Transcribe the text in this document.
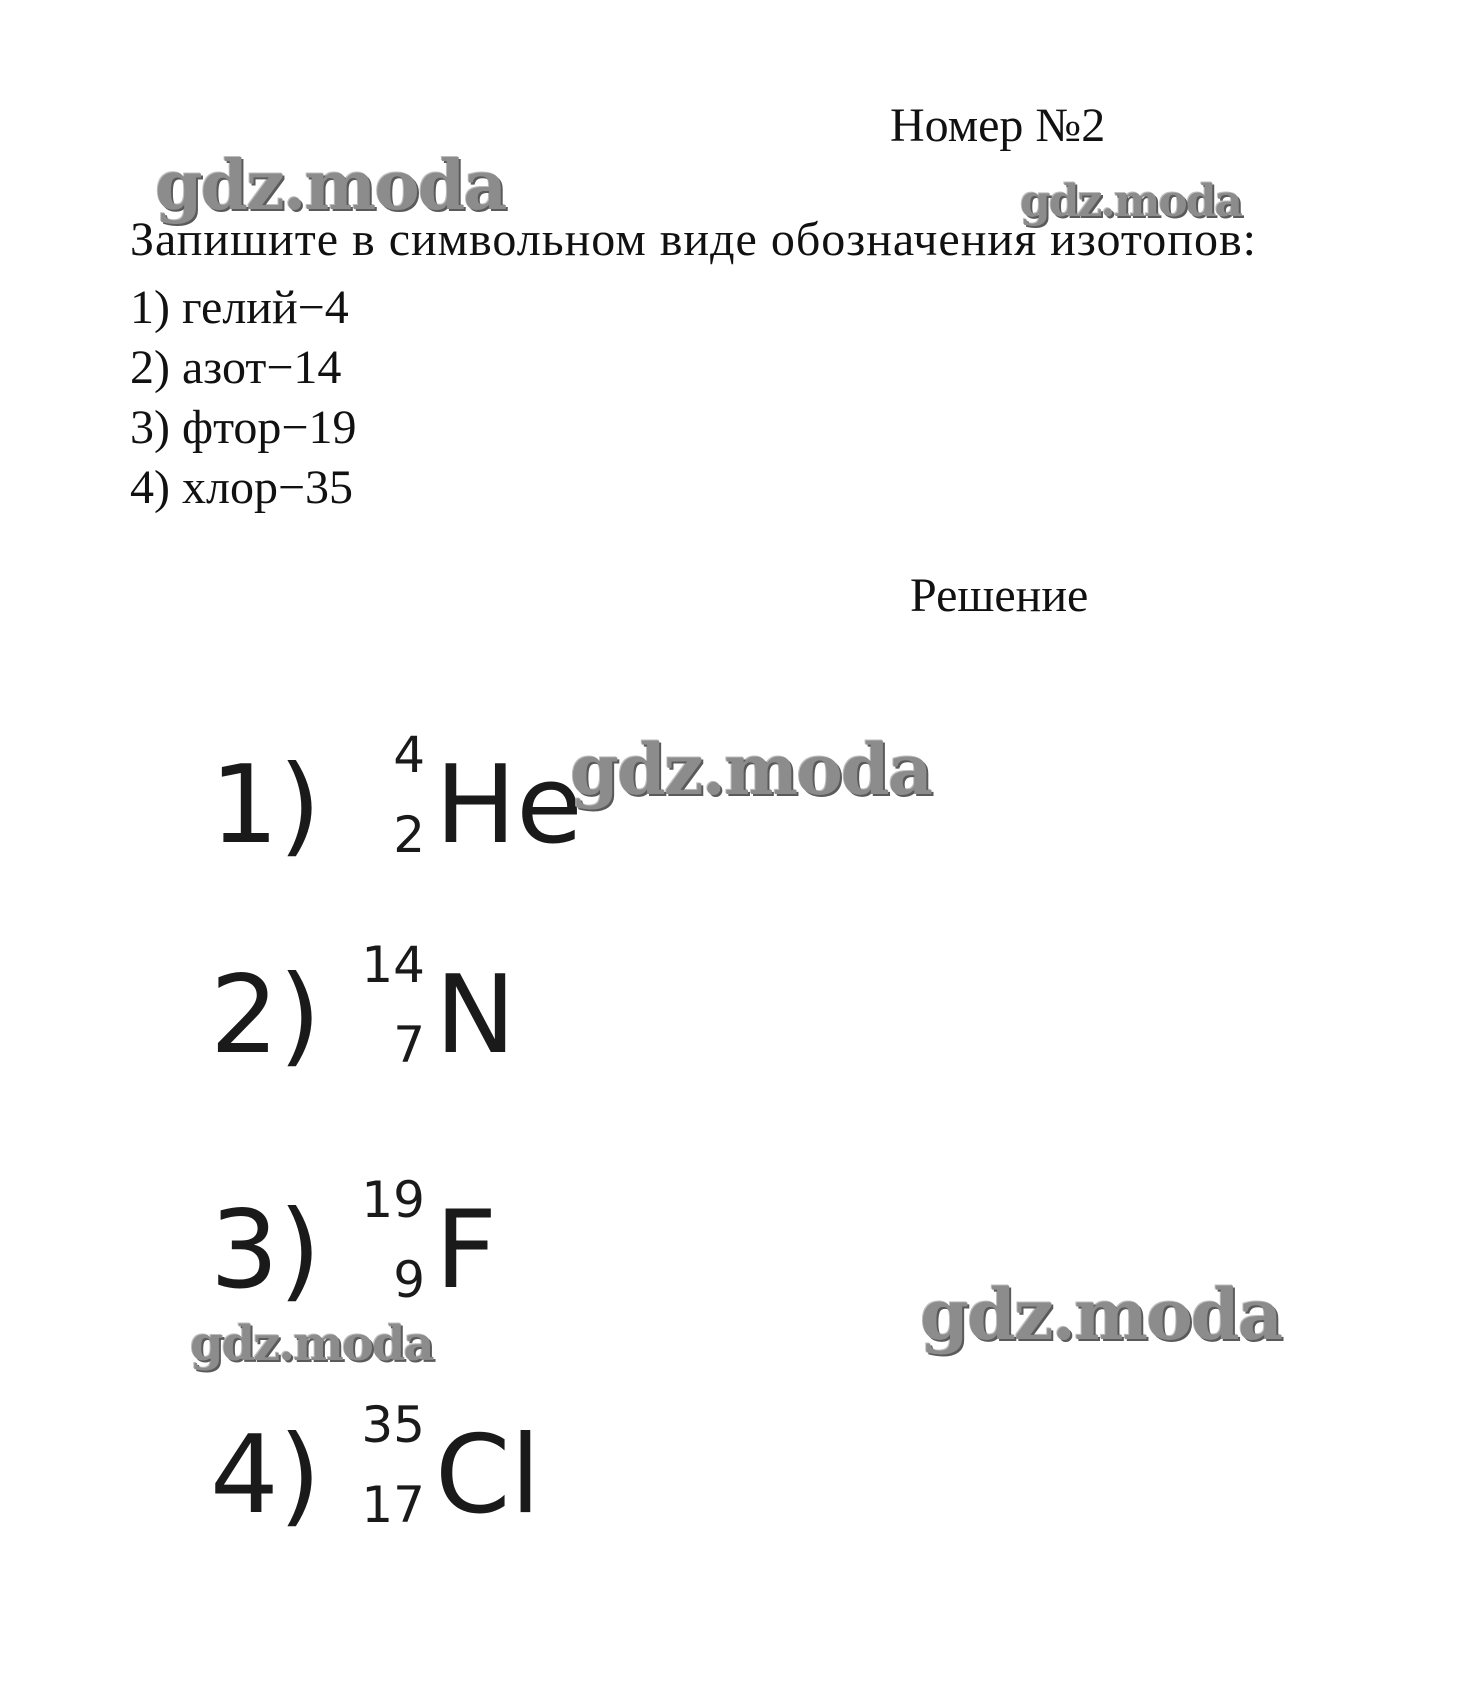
Номер №2
Запишите в символьном виде обозначения изотопов:
1) гелий−4
2) азот−14
3) фтор−19
4) хлор−35
Решение
1) 4
2 He
2) 14
7 N
3) 19
9 F
4) 35
17 Cl
gdz.moda	gdz.moda
gdz.moda
gdz.moda	gdz.moda
